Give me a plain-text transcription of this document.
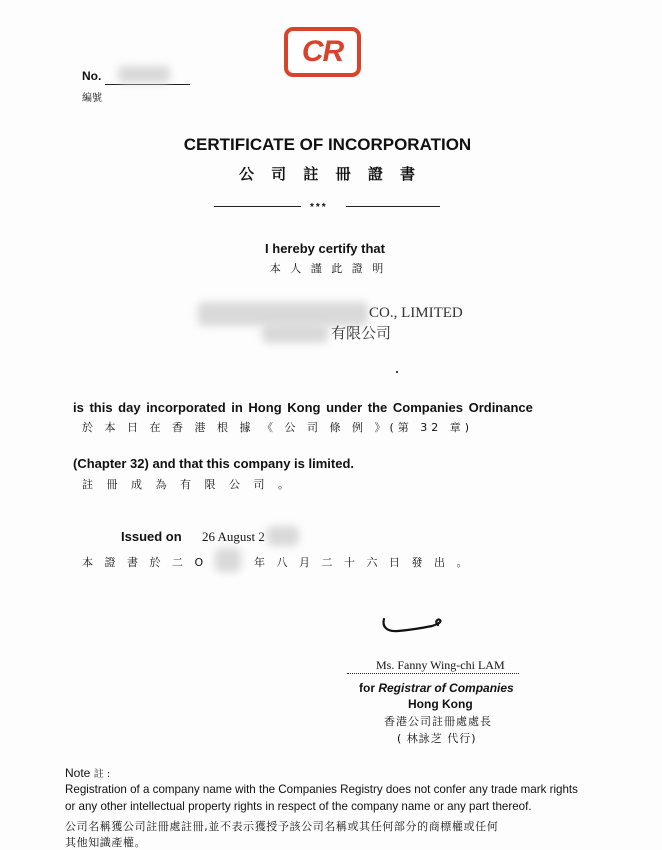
CR
No.
編號
CERTIFICATE OF INCORPORATION
公 司 註 冊 證 書
***
I hereby certify that
本 人 謹 此 證 明
CO., LIMITED
有限公司
is this day incorporated in Hong Kong under the Companies Ordinance
於 本 日 在 香 港 根 據 《 公 司 條 例 》(第 32 章)
(Chapter 32) and that this company is limited.
註 冊 成 為 有 限 公 司 。
Issued on 26 August 2
本 證 書 於 二 O	年 八 月 二 十 六 日 發 出 。
Ms. Fanny Wing-chi LAM
for Registrar of Companies
Hong Kong
香港公司註冊處處長
( 林詠芝 代行)
Note 註 :
Registration of a company name with the Companies Registry does not confer any trade mark rights
or any other intellectual property rights in respect of the company name or any part thereof.
公司名稱獲公司註冊處註冊,並不表示獲授予該公司名稱或其任何部分的商標權或任何
其他知識產權。
